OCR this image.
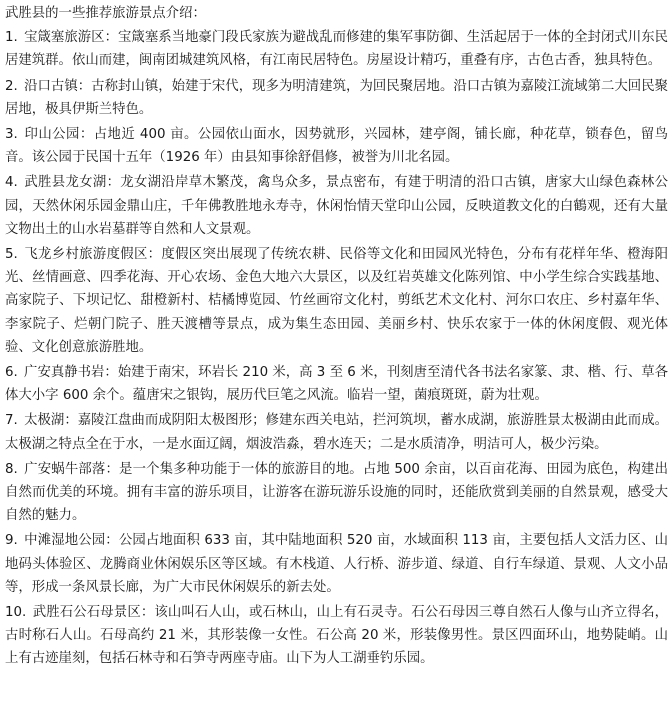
武胜县的一些推荐旅游景点介绍：
1. 宝箴塞旅游区：宝箴塞系当地豪门段氏家族为避战乱而修建的集军事防御、生活起居于一体的全封闭式川东民居建筑群。依山而建，闽南团城建筑风格，有江南民居特色。房屋设计精巧，重叠有序，古色古香，独具特色。
2. 沿口古镇：古称封山镇，始建于宋代，现多为明清建筑，为回民聚居地。沿口古镇为嘉陵江流域第二大回民聚居地，极具伊斯兰特色。
3. 印山公园：占地近 400 亩。公园依山面水，因势就形，兴园林，建亭阁，铺长廊，种花草，锁春色，留鸟音。该公园于民国十五年（1926 年）由县知事徐舒倡修，被誉为川北名园。
4. 武胜县龙女湖：龙女湖沿岸草木繁茂，禽鸟众多，景点密布，有建于明清的沿口古镇，唐家大山绿色森林公园，天然休闲乐园金鼎山庄，千年佛教胜地永寿寺，休闲怡情天堂印山公园，反映道教文化的白鶴观，还有大量文物出土的山水岩墓群等自然和人文景观。
5. 飞龙乡村旅游度假区：度假区突出展现了传统农耕、民俗等文化和田园风光特色，分布有花样年华、橙海阳光、丝情画意、四季花海、开心农场、金色大地六大景区，以及红岩英雄文化陈列馆、中小学生综合实践基地、高家院子、下坝记忆、甜橙新村、桔橘博览园、竹丝画帘文化村，剪纸艺术文化村、河尔口农庄、乡村嘉年华、李家院子、烂朝门院子、胜天渡槽等景点，成为集生态田园、美丽乡村、快乐农家于一体的休闲度假、观光体验、文化创意旅游胜地。
6. 广安真静书岩：始建于南宋，环岩长 210 米，高 3 至 6 米，刊刻唐至清代各书法名家篆、隶、楷、行、草各体大小字 600 余个。蕴唐宋之银钩，展历代巨笔之风流。临岩一望，菌痕斑斑，蔚为壮观。
7. 太极湖：嘉陵江盘曲而成阴阳太极图形；修建东西关电站，拦河筑坝，蓄水成湖，旅游胜景太极湖由此而成。太极湖之特点全在于水，一是水面辽阔，烟波浩淼，碧水连天；二是水质清净，明洁可人，极少污染。
8. 广安蜗牛部落：是一个集多种功能于一体的旅游目的地。占地 500 余亩，以百亩花海、田园为底色，构建出自然而优美的环境。拥有丰富的游乐项目，让游客在游玩游乐设施的同时，还能欣赏到美丽的自然景观，感受大自然的魅力。
9. 中滩湿地公园：公园占地面积 633 亩，其中陆地面积 520 亩，水域面积 113 亩，主要包括人文活力区、山地码头体验区、龙腾商业休闲娱乐区等区域。有木栈道、人行桥、游步道、绿道、自行车绿道、景观、人文小品等，形成一条风景长廊，为广大市民休闲娱乐的新去处。
10. 武胜石公石母景区：该山叫石人山，或石林山，山上有石灵寺。石公石母因三尊自然石人像与山齐立得名，古时称石人山。石母高约 21 米，其形装像一女性。石公高 20 米，形装像男性。景区四面环山，地势陡峭。山上有古迹崖刻，包括石林寺和石笋寺两座寺庙。山下为人工湖垂钓乐园。
